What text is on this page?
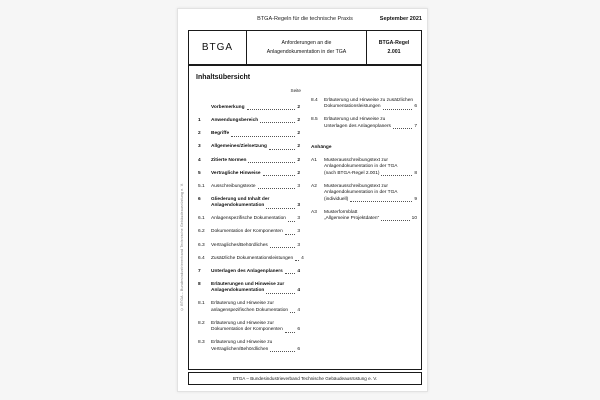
BTGA-Regeln für die technische Praxis	September 2021
BTGA	Anforderungen an die
Anlagendokumentation in der TGA
BTGA-Regel
2.001
Inhaltsübersicht
Seite
Vorbemerkung	2
1	Anwendungsbereich	2
2	Begriffe	2
3	Allgemeines/Zielsetzung	2
4	Zitierte Normen	2
5	Vertragliche Hinweise	2
5.1	Ausschreibungstexte	3
6	Gliederung und Inhalt der
Anlagendokumentation	3
6.1	Anlagenspezifische Dokumentation 3
6.2	Dokumentation der Komponenten	3
6.3	Vertragliches/Behördliches	3
6.4	Zusätzliche Dokumentationsleistungen 4
7	Unterlagen des Anlagenplaners	4
8	Erläuterungen und Hinweise zur
Anlagendokumentation	4
8.1	Erläuterung und Hinweise zur
anlagenspezifischen Dokumentation 4
8.2	Erläuterung und Hinweise zur
Dokumentation der Komponenten	6
8.3	Erläuterung und Hinweise zu
Vertraglichen/Behördlichen	6
8.4	Erläuterung und Hinweise zu zusätzlichen
Dokumentationsleistungen	6
8.5	Erläuterung und Hinweise zu
Unterlagen des Anlagenplaners	7
Anhänge
A1	Musterausschreibungstext zur
Anlagendokumentation in der TGA
(nach BTGA-Regel 2.001)	8
A2	Musterausschreibungstext zur
Anlagendokumentation in der TGA
(individuell)	9
A3	Musterformblatt
„Allgemeine Projektdaten“	10
BTGA – Bundesindustrieverband Technische Gebäudeausrüstung e. V.
© BTGA – Bundesindustrieverband Technische Gebäudeausrüstung e. V.
